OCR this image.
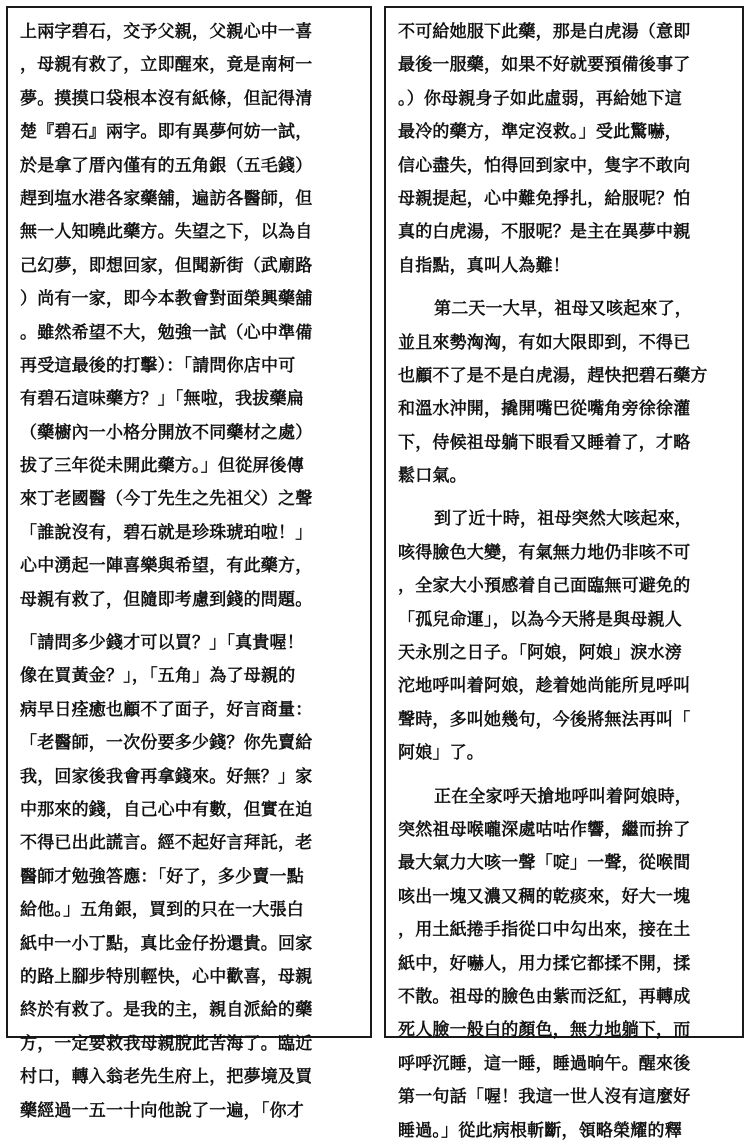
上兩字碧石，交予父親，父親心中一喜
，母親有救了，立即醒來，竟是南柯一
夢。摸摸口袋根本沒有紙條，但記得清
楚『碧石』兩字。即有異夢何妨一試，
於是拿了厝內僅有的五角銀（五毛錢）
趕到塩水港各家藥舖，遍訪各醫師，但
無一人知曉此藥方。失望之下，以為自
己幻夢，即想回家，但聞新街（武廟路
）尚有一家，即今本教會對面榮興藥舖
。雖然希望不大，勉強一試（心中準備
再受這最後的打擊）：「請問你店中可
有碧石這味藥方？」「無啦，我拔藥扁
（藥櫥內一小格分開放不同藥材之處）
拔了三年從未開此藥方。」但從屏後傳
來丁老國醫（今丁先生之先祖父）之聲
「誰說沒有，碧石就是珍珠琥珀啦！」
心中湧起一陣喜樂與希望，有此藥方，
母親有救了，但隨即考慮到錢的問題。
「請問多少錢才可以買？」「真貴喔！
像在買黃金？」，「五角」為了母親的
病早日痊癒也顧不了面子，好言商量：
「老醫師，一次份要多少錢？你先賣給
我，回家後我會再拿錢來。好無？」家
中那來的錢，自己心中有數，但實在迫
不得已出此謊言。經不起好言拜託，老
醫師才勉強答應：「好了，多少賣一點
給他。」五角銀，買到的只在一大張白
紙中一小丁點，真比金仔扮還貴。回家
的路上腳步特別輕快，心中歡喜，母親
終於有救了。是我的主，親自派給的藥
方，一定要救我母親脫此苦海了。臨近
村口，轉入翁老先生府上，把夢境及買
藥經過一五一十向他說了一遍，「你才
不可給她服下此藥，那是白虎湯（意即
最後一服藥，如果不好就要預備後事了
。）你母親身子如此虛弱，再給她下這
最冷的藥方，準定沒救。」受此驚嚇，
信心盡失，怕得回到家中，隻字不敢向
母親提起，心中難免掙扎，給服呢？怕
真的白虎湯，不服呢？是主在異夢中親
自指點，真叫人為難！
第二天一大早，祖母又咳起來了，
並且來勢洶洶，有如大限即到，不得已
也顧不了是不是白虎湯，趕快把碧石藥方
和溫水沖開，撬開嘴巴從嘴角旁徐徐灌
下，侍候祖母躺下眼看又睡着了，才略
鬆口氣。
到了近十時，祖母突然大咳起來，
咳得臉色大變，有氣無力地仍非咳不可
，全家大小預感着自己面臨無可避免的
「孤兒命運」，以為今天將是與母親人
天永別之日子。「阿娘，阿娘」淚水滂
沱地呼叫着阿娘，趁着她尚能所見呼叫
聲時，多叫她幾句，今後將無法再叫「
阿娘」了。
正在全家呼天搶地呼叫着阿娘時，
突然祖母喉嚨深處咕咕作響，繼而拚了
最大氣力大咳一聲「啶」一聲，從喉間
咳出一塊又濃又稠的乾痰來，好大一塊
，用土紙捲手指從口中勾出來，接在土
紙中，好嚇人，用力揉它都揉不開，揉
不散。祖母的臉色由紫而泛紅，再轉成
死人臉一般白的顏色，無力地躺下，而
呼呼沉睡，這一睡，睡過晌午。醒來後
第一句話「喔！我這一世人沒有這麼好
睡過。」從此病根斬斷，領略榮耀的釋
